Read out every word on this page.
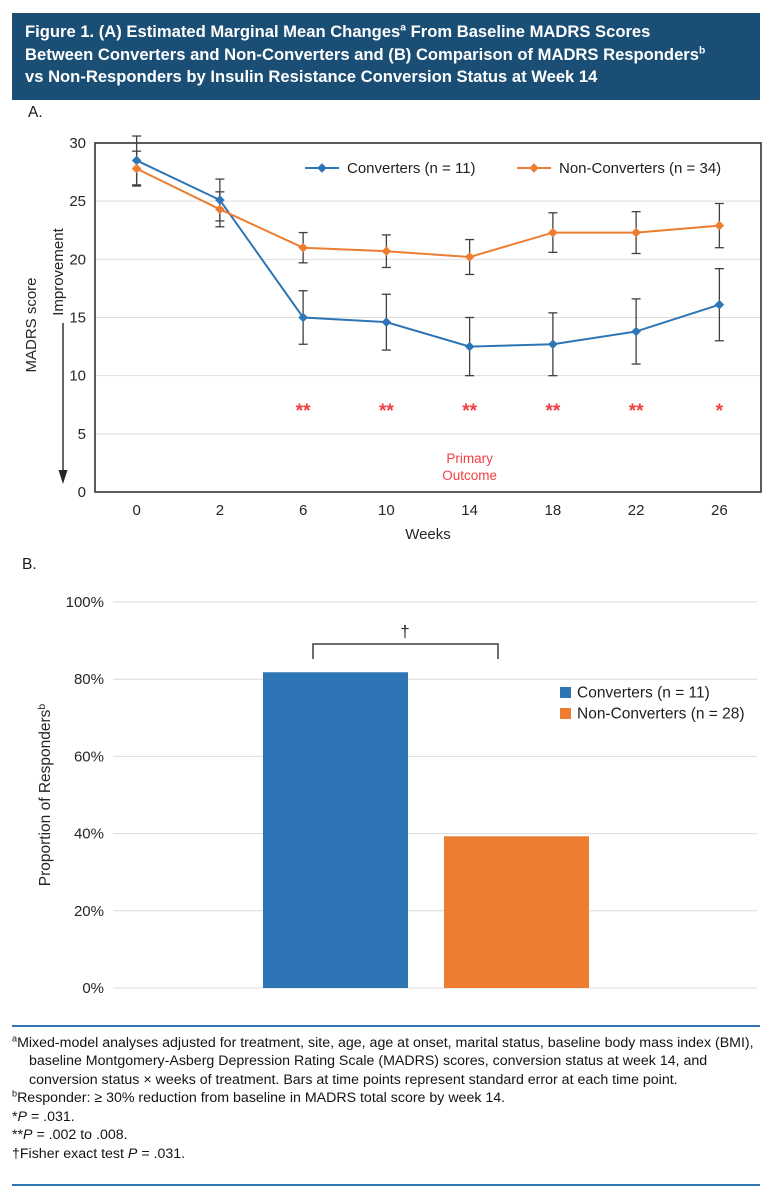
Figure 1. (A) Estimated Marginal Mean Changes$^a$ From Baseline MADRS Scores
Between Converters and Non-Converters and (B) Comparison of MADRS Responders$^b$
vs Non-Responders by Insulin Resistance Conversion Status at Week 14
A.
0
5
10
15
20
25
30
0	2	6	10	14	18	22	26
Weeks
MADRS score
Improvement
Converters (n = 11)	Non-Converters (n = 34)
**	**	**	**	**	*
Primary
Outcome
B.
0%
20%
40%
60%
80%
100%
†
Proportion of Responders$^b$
Converters (n = 11)
Non-Converters (n = 28)
$^a$Mixed-model analyses adjusted for treatment, site, age, age at onset, marital status, baseline body mass index (BMI), baseline Montgomery-Asberg Depression Rating Scale (MADRS) scores, conversion status at week 14, and conversion status × weeks of treatment. Bars at time points represent standard error at each time point.
$^b$Responder: ≥ 30% reduction from baseline in MADRS total score by week 14.
*P = .031.
**P = .002 to .008.
†Fisher exact test P = .031.
